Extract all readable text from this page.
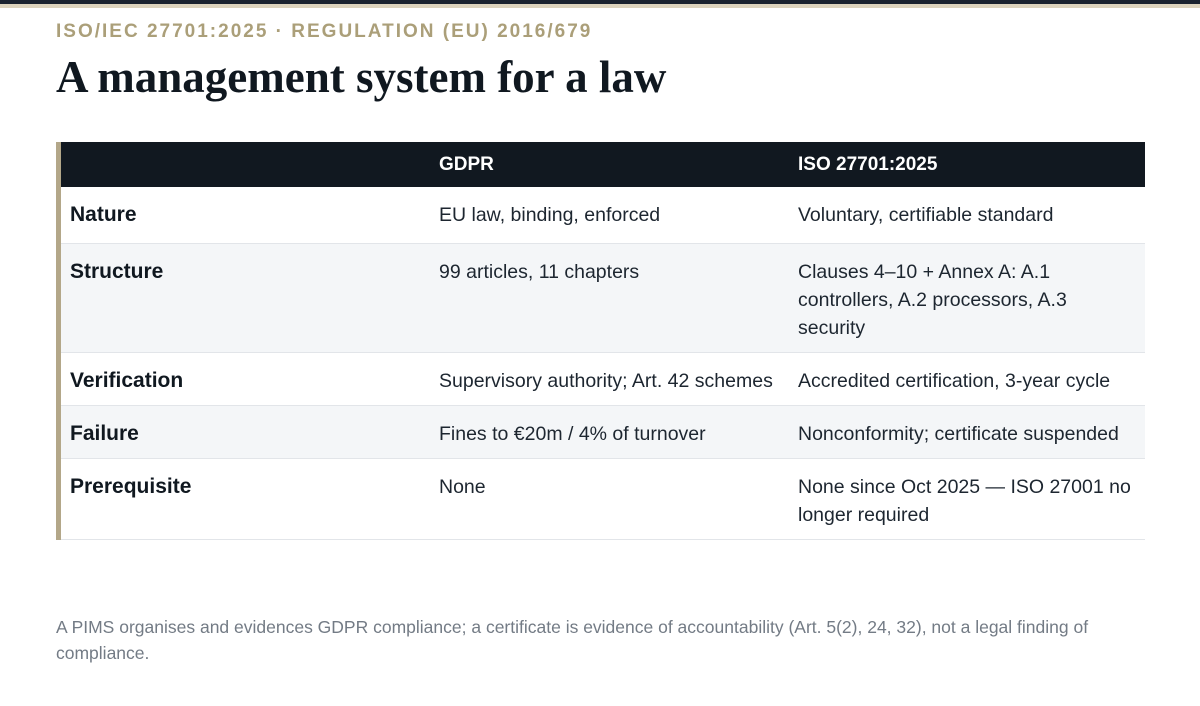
ISO/IEC 27701:2025 · REGULATION (EU) 2016/679
A management system for a law
	GDPR	ISO 27701:2025
Nature	EU law, binding, enforced	Voluntary, certifiable standard
Structure	99 articles, 11 chapters	Clauses 4–10 + Annex A: A.1 controllers, A.2 processors, A.3 security
Verification	Supervisory authority; Art. 42 schemes	Accredited certification, 3-year cycle
Failure	Fines to €20m / 4% of turnover	Nonconformity; certificate suspended
Prerequisite	None	None since Oct 2025 — ISO 27001 no longer required

A PIMS organises and evidences GDPR compliance; a certificate is evidence of accountability (Art. 5(2), 24, 32), not a legal finding of compliance.
